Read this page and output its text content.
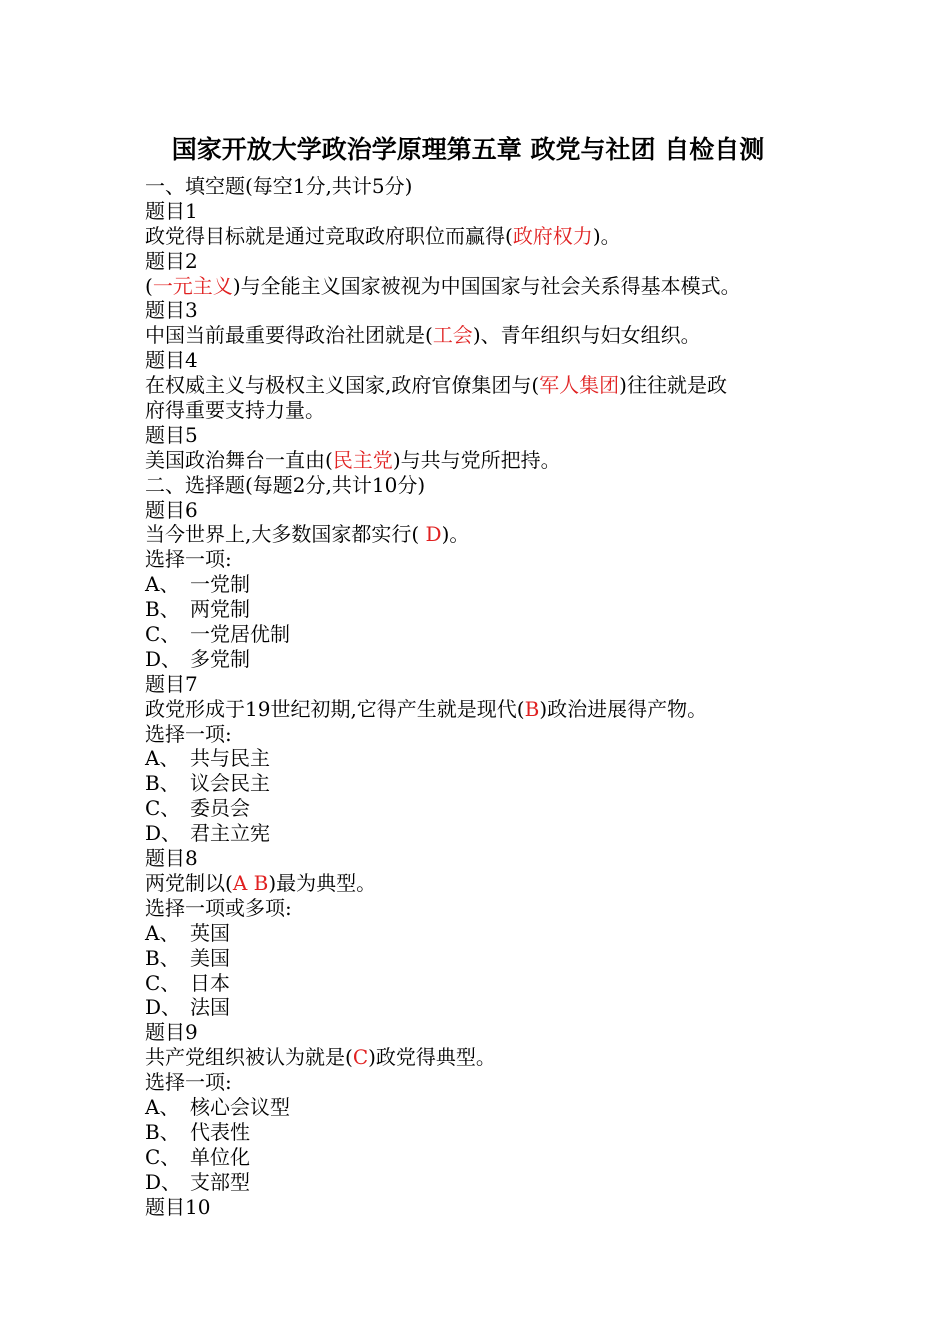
国家开放大学政治学原理第五章 政党与社团 自检自测
一、填空题(每空1分,共计5分)
题目1
政党得目标就是通过竞取政府职位而赢得(政府权力)。
题目2
(一元主义)与全能主义国家被视为中国国家与社会关系得基本模式。
题目3
中国当前最重要得政治社团就是(工会)、青年组织与妇女组织。
题目4
在权威主义与极权主义国家,政府官僚集团与(军人集团)往往就是政
府得重要支持力量。
题目5
美国政治舞台一直由(民主党)与共与党所把持。
二、选择题(每题2分,共计10分)
题目6
当今世界上,大多数国家都实行( D)。
选择一项:
A、 一党制
B、 两党制
C、 一党居优制
D、 多党制
题目7
政党形成于19世纪初期,它得产生就是现代(B)政治进展得产物。
选择一项:
A、 共与民主
B、 议会民主
C、 委员会
D、 君主立宪
题目8
两党制以(A B)最为典型。
选择一项或多项:
A、 英国
B、 美国
C、 日本
D、 法国
题目9
共产党组织被认为就是(C)政党得典型。
选择一项:
A、 核心会议型
B、 代表性
C、 单位化
D、 支部型
题目10
